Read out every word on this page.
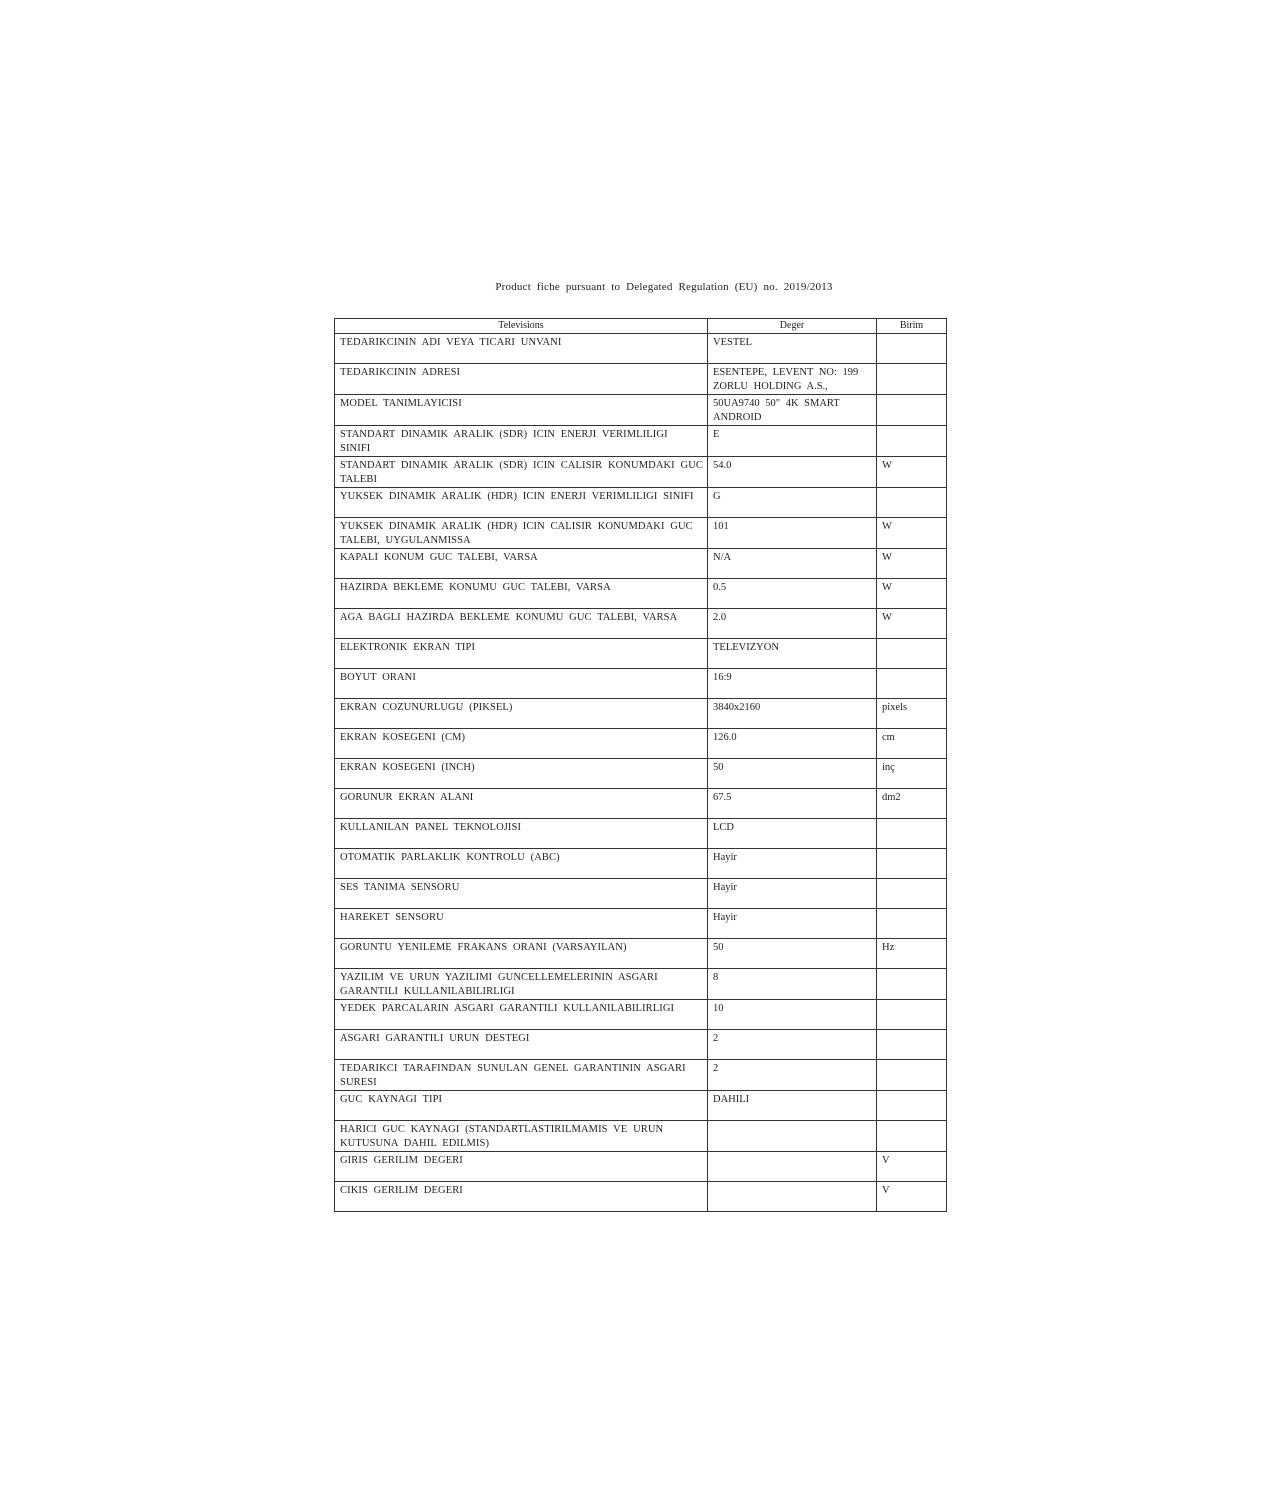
Product fiche pursuant to Delegated Regulation (EU) no. 2019/2013
Televisions	Deger	Birim

TEDARIKCININ ADI VEYA TICARI UNVANI	VESTEL	

TEDARIKCININ ADRESI	ESENTEPE, LEVENT NO: 199 ZORLU HOLDING A.S.,	

MODEL TANIMLAYICISI	50UA9740 50" 4K SMART ANDROID	

STANDART DINAMIK ARALIK (SDR) ICIN ENERJI VERIMLILIGI SINIFI	E	

STANDART DINAMIK ARALIK (SDR) ICIN CALISIR KONUMDAKI GUC TALEBI	54.0	W

YUKSEK DINAMIK ARALIK (HDR) ICIN ENERJI VERIMLILIGI SINIFI	G	

YUKSEK DINAMIK ARALIK (HDR) ICIN CALISIR KONUMDAKI GUC TALEBI, UYGULANMISSA	101	W

KAPALI KONUM GUC TALEBI, VARSA	N/A	W

HAZIRDA BEKLEME KONUMU GUC TALEBI, VARSA	0.5	W

AGA BAGLI HAZIRDA BEKLEME KONUMU GUC TALEBI, VARSA	2.0	W

ELEKTRONIK EKRAN TIPI	TELEVIZYON	

BOYUT ORANI	16:9	

EKRAN COZUNURLUGU (PIKSEL)	3840x2160	pixels

EKRAN KOSEGENI (CM)	126.0	cm

EKRAN KOSEGENI (INCH)	50	inç

GORUNUR EKRAN ALANI	67.5	dm2

KULLANILAN PANEL TEKNOLOJISI	LCD	

OTOMATIK PARLAKLIK KONTROLU (ABC)	Hayir	

SES TANIMA SENSORU	Hayir	

HAREKET SENSORU	Hayir	

GORUNTU YENILEME FRAKANS ORANI (VARSAYILAN)	50	Hz

YAZILIM VE URUN YAZILIMI GUNCELLEMELERININ ASGARI GARANTILI KULLANILABILIRLIGI	8	

YEDEK PARCALARIN ASGARI GARANTILI KULLANILABILIRLIGI	10	

ASGARI GARANTILI URUN DESTEGI	2	

TEDARIKCI TARAFINDAN SUNULAN GENEL GARANTININ ASGARI SURESI	2	

GUC KAYNAGI TIPI	DAHILI	

HARICI GUC KAYNAGI (STANDARTLASTIRILMAMIS VE URUN KUTUSUNA DAHIL EDILMIS)		

GIRIS GERILIM DEGERI		V

CIKIS GERILIM DEGERI		V
